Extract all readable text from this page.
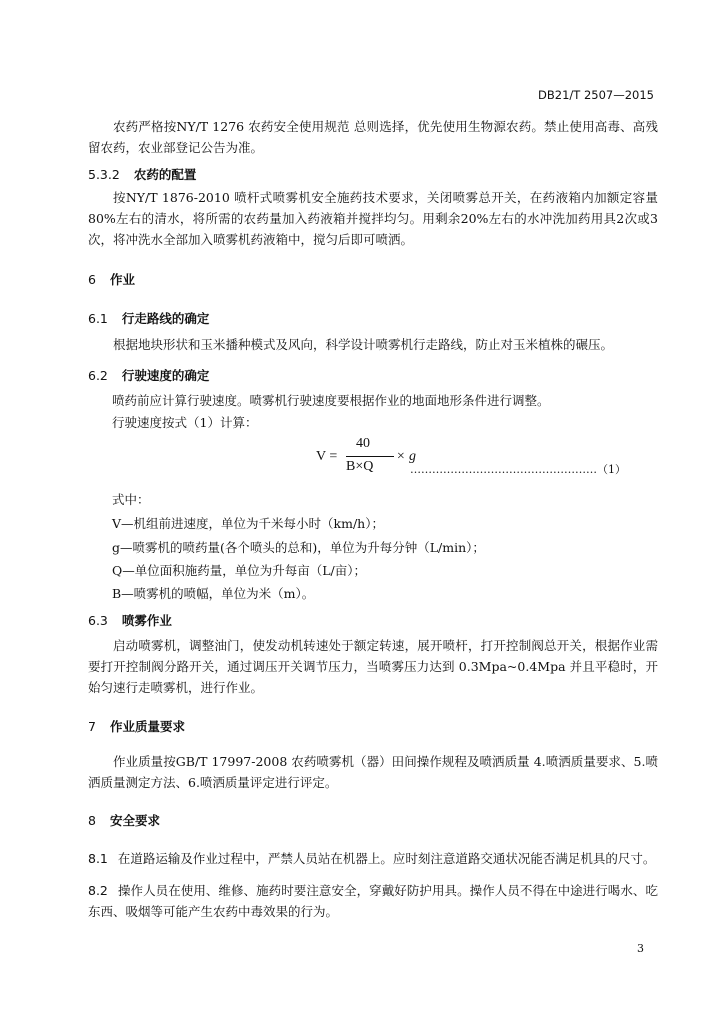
DB21/T 2507—2015
农药严格按NY/T 1276 农药安全使用规范 总则选择，优先使用生物源农药。禁止使用高毒、高残留农药，农业部登记公告为准。
5.3.2 农药的配置
按NY/T 1876-2010 喷杆式喷雾机安全施药技术要求，关闭喷雾总开关，在药液箱内加额定容量80%左右的清水，将所需的农药量加入药液箱并搅拌均匀。用剩余20%左右的水冲洗加药用具2次或3次，将冲洗水全部加入喷雾机药液箱中，搅匀后即可喷洒。
6 作业
6.1 行走路线的确定
根据地块形状和玉米播种模式及风向，科学设计喷雾机行走路线，防止对玉米植株的碾压。
6.2 行驶速度的确定
喷药前应计算行驶速度。喷雾机行驶速度要根据作业的地面地形条件进行调整。
行驶速度按式（1）计算：
V =
40
B×Q
× g
……………………………………………（1）
式中：
V—机组前进速度，单位为千米每小时（km/h）；
g—喷雾机的喷药量(各个喷头的总和)，单位为升每分钟（L/min）；
Q—单位面积施药量，单位为升每亩（L/亩）；
B—喷雾机的喷幅，单位为米（m）。
6.3 喷雾作业
启动喷雾机，调整油门，使发动机转速处于额定转速，展开喷杆，打开控制阀总开关，根据作业需要打开控制阀分路开关，通过调压开关调节压力，当喷雾压力达到 0.3Mpa~0.4Mpa 并且平稳时，开始匀速行走喷雾机，进行作业。
7 作业质量要求
作业质量按GB/T 17997-2008 农药喷雾机（器）田间操作规程及喷洒质量 4.喷洒质量要求、5.喷洒质量测定方法、6.喷洒质量评定进行评定。
8 安全要求
8.1 在道路运输及作业过程中，严禁人员站在机器上。应时刻注意道路交通状况能否满足机具的尺寸。
8.2 操作人员在使用、维修、施药时要注意安全，穿戴好防护用具。操作人员不得在中途进行喝水、吃东西、吸烟等可能产生农药中毒效果的行为。
3
